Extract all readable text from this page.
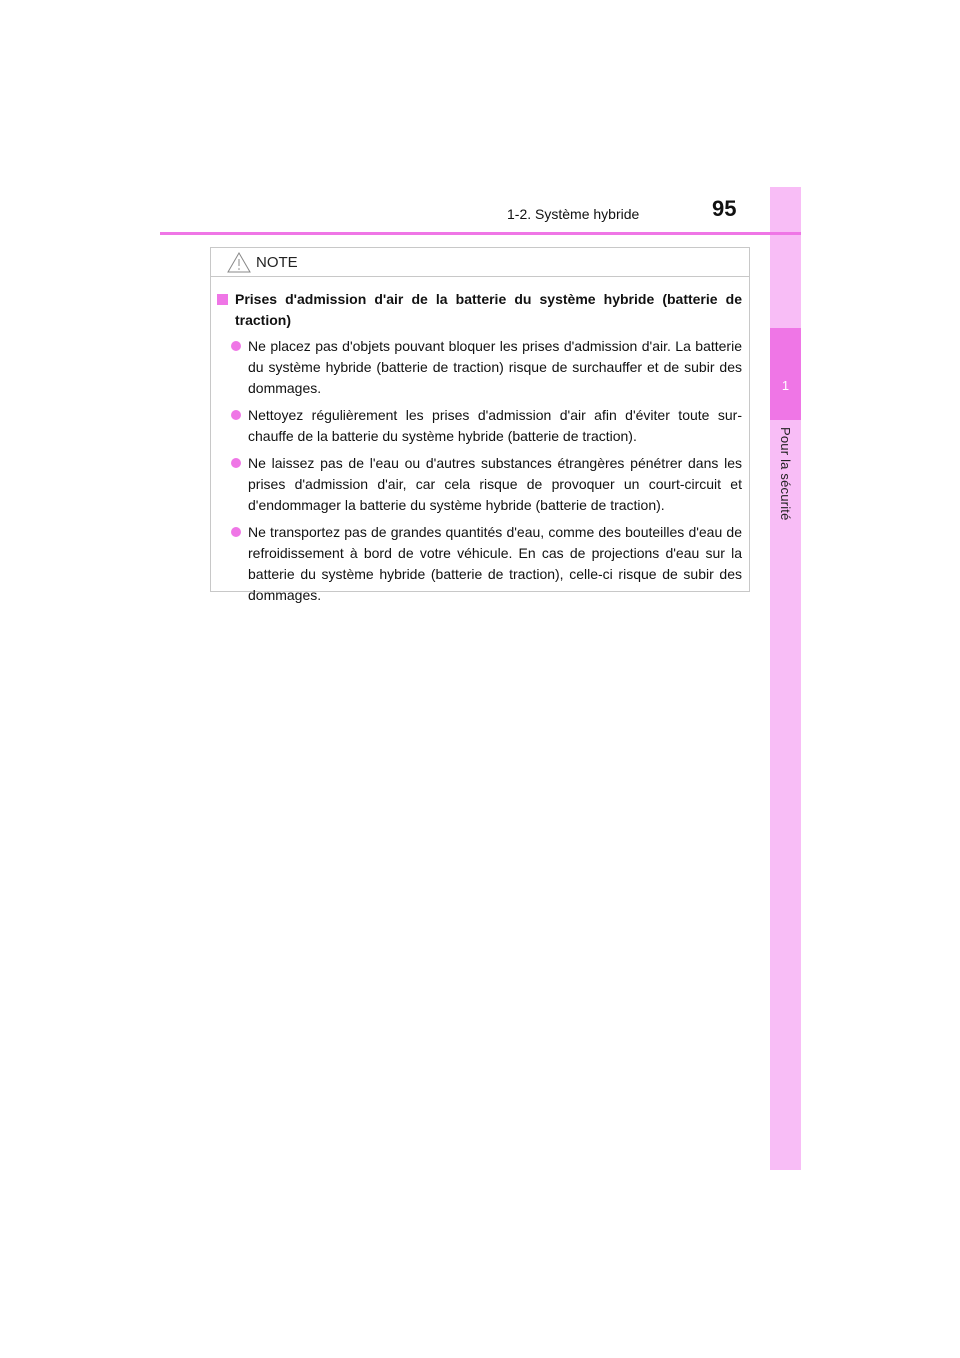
1
Pour la sécurité
1-2. Système hybride	95
NOTE
Prises d'admission d'air de la batterie du système hybride (batterie de traction)
Ne placez pas d'objets pouvant bloquer les prises d'admission d'air. La batterie du système hybride (batterie de traction) risque de surchauffer et de subir des dommages.
Nettoyez régulièrement les prises d'admission d'air afin d'éviter toute sur-chauffe de la batterie du système hybride (batterie de traction).
Ne laissez pas de l'eau ou d'autres substances étrangères pénétrer dans les prises d'admission d'air, car cela risque de provoquer un court-circuit et d'endommager la batterie du système hybride (batterie de traction).
Ne transportez pas de grandes quantités d'eau, comme des bouteilles d'eau de refroidissement à bord de votre véhicule. En cas de projections d'eau sur la batterie du système hybride (batterie de traction), celle-ci risque de subir des dommages.
